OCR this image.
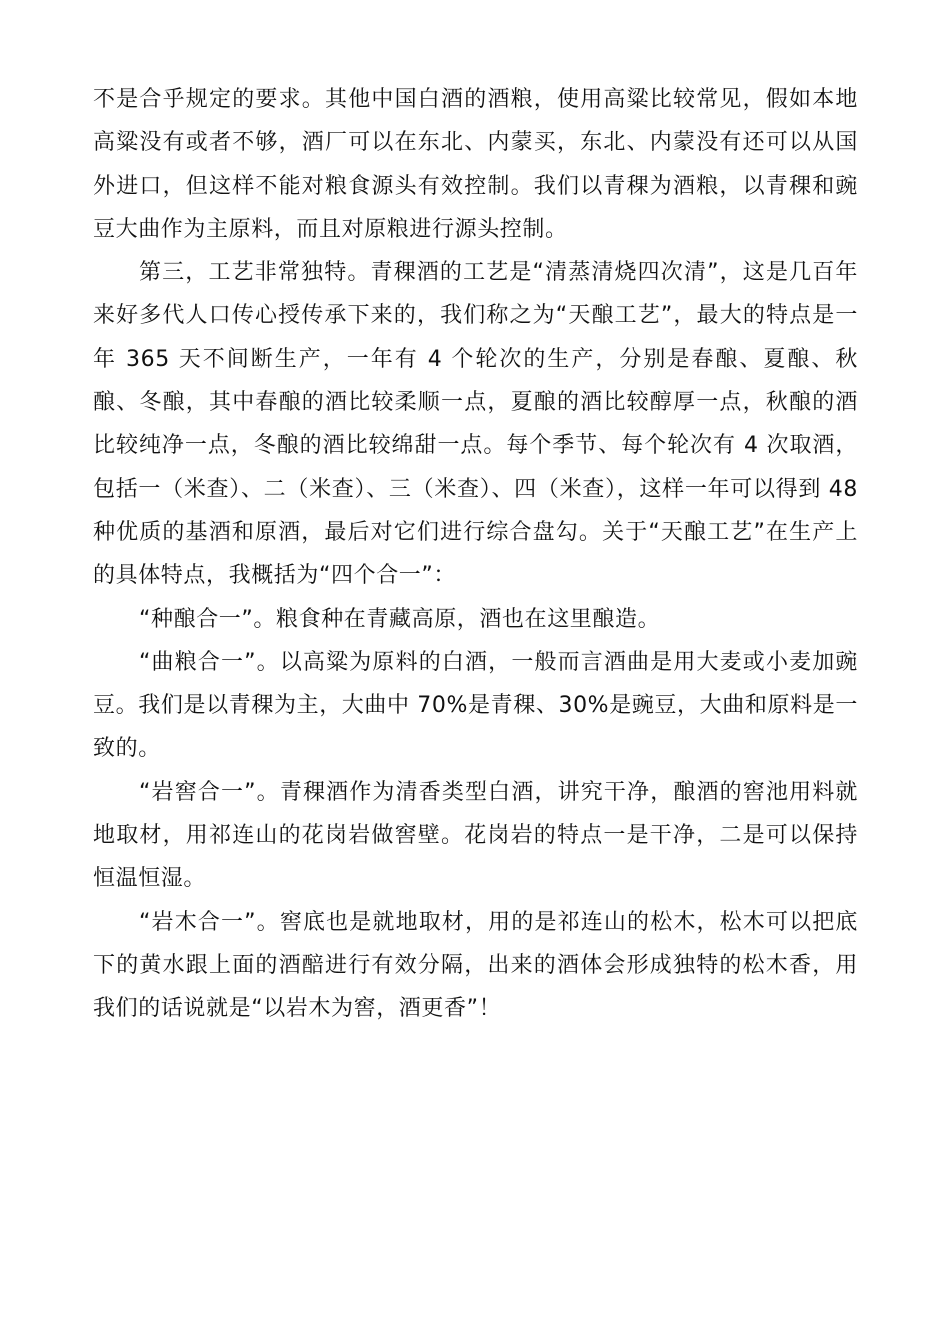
不是合乎规定的要求。其他中国白酒的酒粮，使用高粱比较常见，假如本地高粱没有或者不够，酒厂可以在东北、内蒙买，东北、内蒙没有还可以从国外进口，但这样不能对粮食源头有效控制。我们以青稞为酒粮，以青稞和豌豆大曲作为主原料，而且对原粮进行源头控制。

第三，工艺非常独特。青稞酒的工艺是“清蒸清烧四次清”，这是几百年来好多代人口传心授传承下来的，我们称之为“天酿工艺”，最大的特点是一年 365 天不间断生产，一年有 4 个轮次的生产，分别是春酿、夏酿、秋酿、冬酿，其中春酿的酒比较柔顺一点，夏酿的酒比较醇厚一点，秋酿的酒比较纯净一点，冬酿的酒比较绵甜一点。每个季节、每个轮次有 4 次取酒，包括一（米查）、二（米查）、三（米查）、四（米查），这样一年可以得到 48 种优质的基酒和原酒，最后对它们进行综合盘勾。关于“天酿工艺”在生产上的具体特点，我概括为“四个合一”：

“种酿合一”。粮食种在青藏高原，酒也在这里酿造。

“曲粮合一”。以高粱为原料的白酒，一般而言酒曲是用大麦或小麦加豌豆。我们是以青稞为主，大曲中 70%是青稞、30%是豌豆，大曲和原料是一致的。

“岩窖合一”。青稞酒作为清香类型白酒，讲究干净，酿酒的窖池用料就地取材，用祁连山的花岗岩做窖壁。花岗岩的特点一是干净，二是可以保持恒温恒湿。

“岩木合一”。窖底也是就地取材，用的是祁连山的松木，松木可以把底下的黄水跟上面的酒醅进行有效分隔，出来的酒体会形成独特的松木香，用我们的话说就是“以岩木为窖，酒更香”！
